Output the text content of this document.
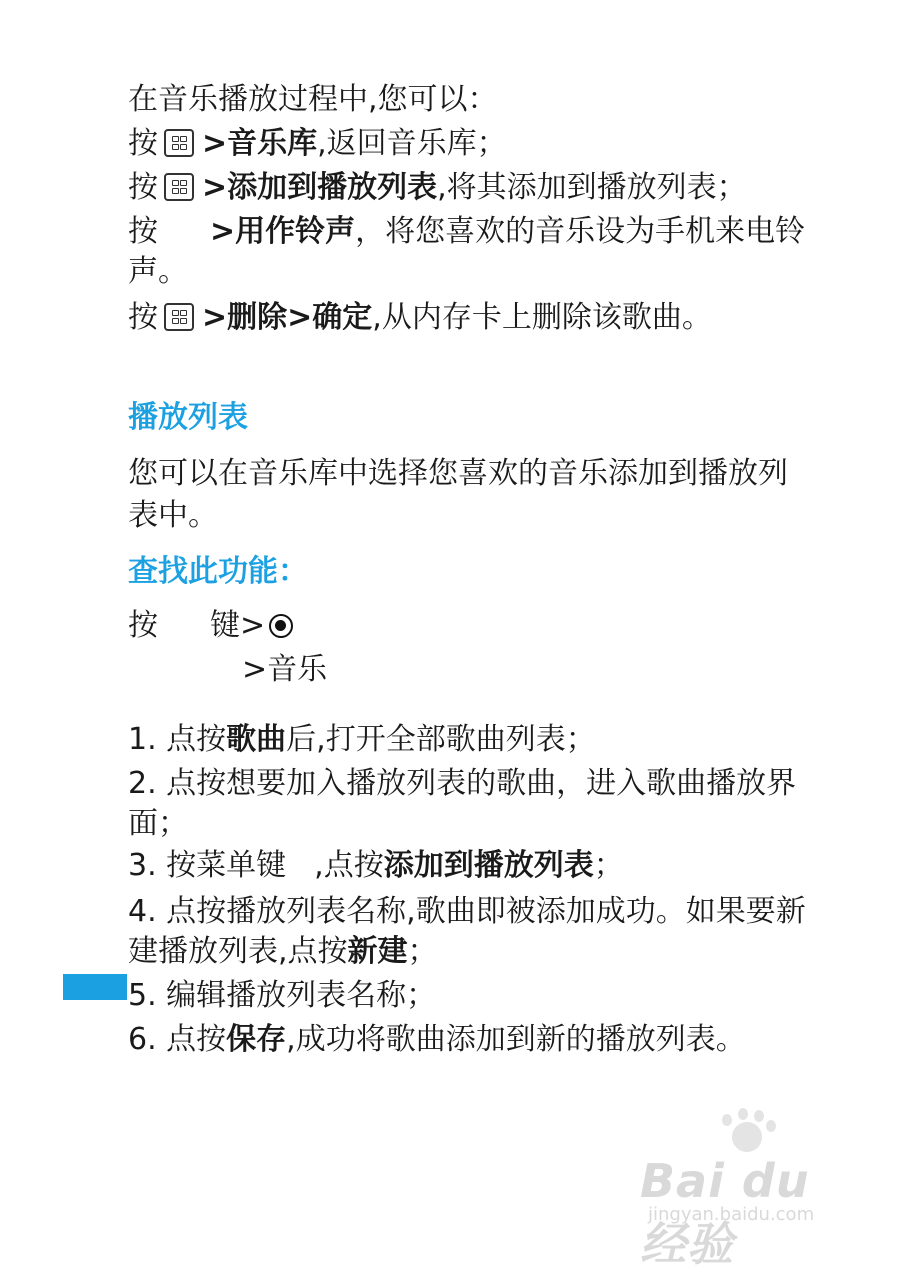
在音乐播放过程中,您可以：
按 >音乐库,返回音乐库；
按 >添加到播放列表,将其添加到播放列表；
按 >用作铃声，将您喜欢的音乐设为手机来电铃
声。
按 >删除>确定,从内存卡上删除该歌曲。
播放列表
您可以在音乐库中选择您喜欢的音乐添加到播放列
表中。
查找此功能：
按 键>
>音乐
1. 点按歌曲后,打开全部歌曲列表；
2. 点按想要加入播放列表的歌曲，进入歌曲播放界
面；
3. 按菜单键 ,点按添加到播放列表；
4. 点按播放列表名称,歌曲即被添加成功。如果要新
建播放列表,点按新建；
5. 编辑播放列表名称；
6. 点按保存,成功将歌曲添加到新的播放列表。
Bai du 经验
jingyan.baidu.com
